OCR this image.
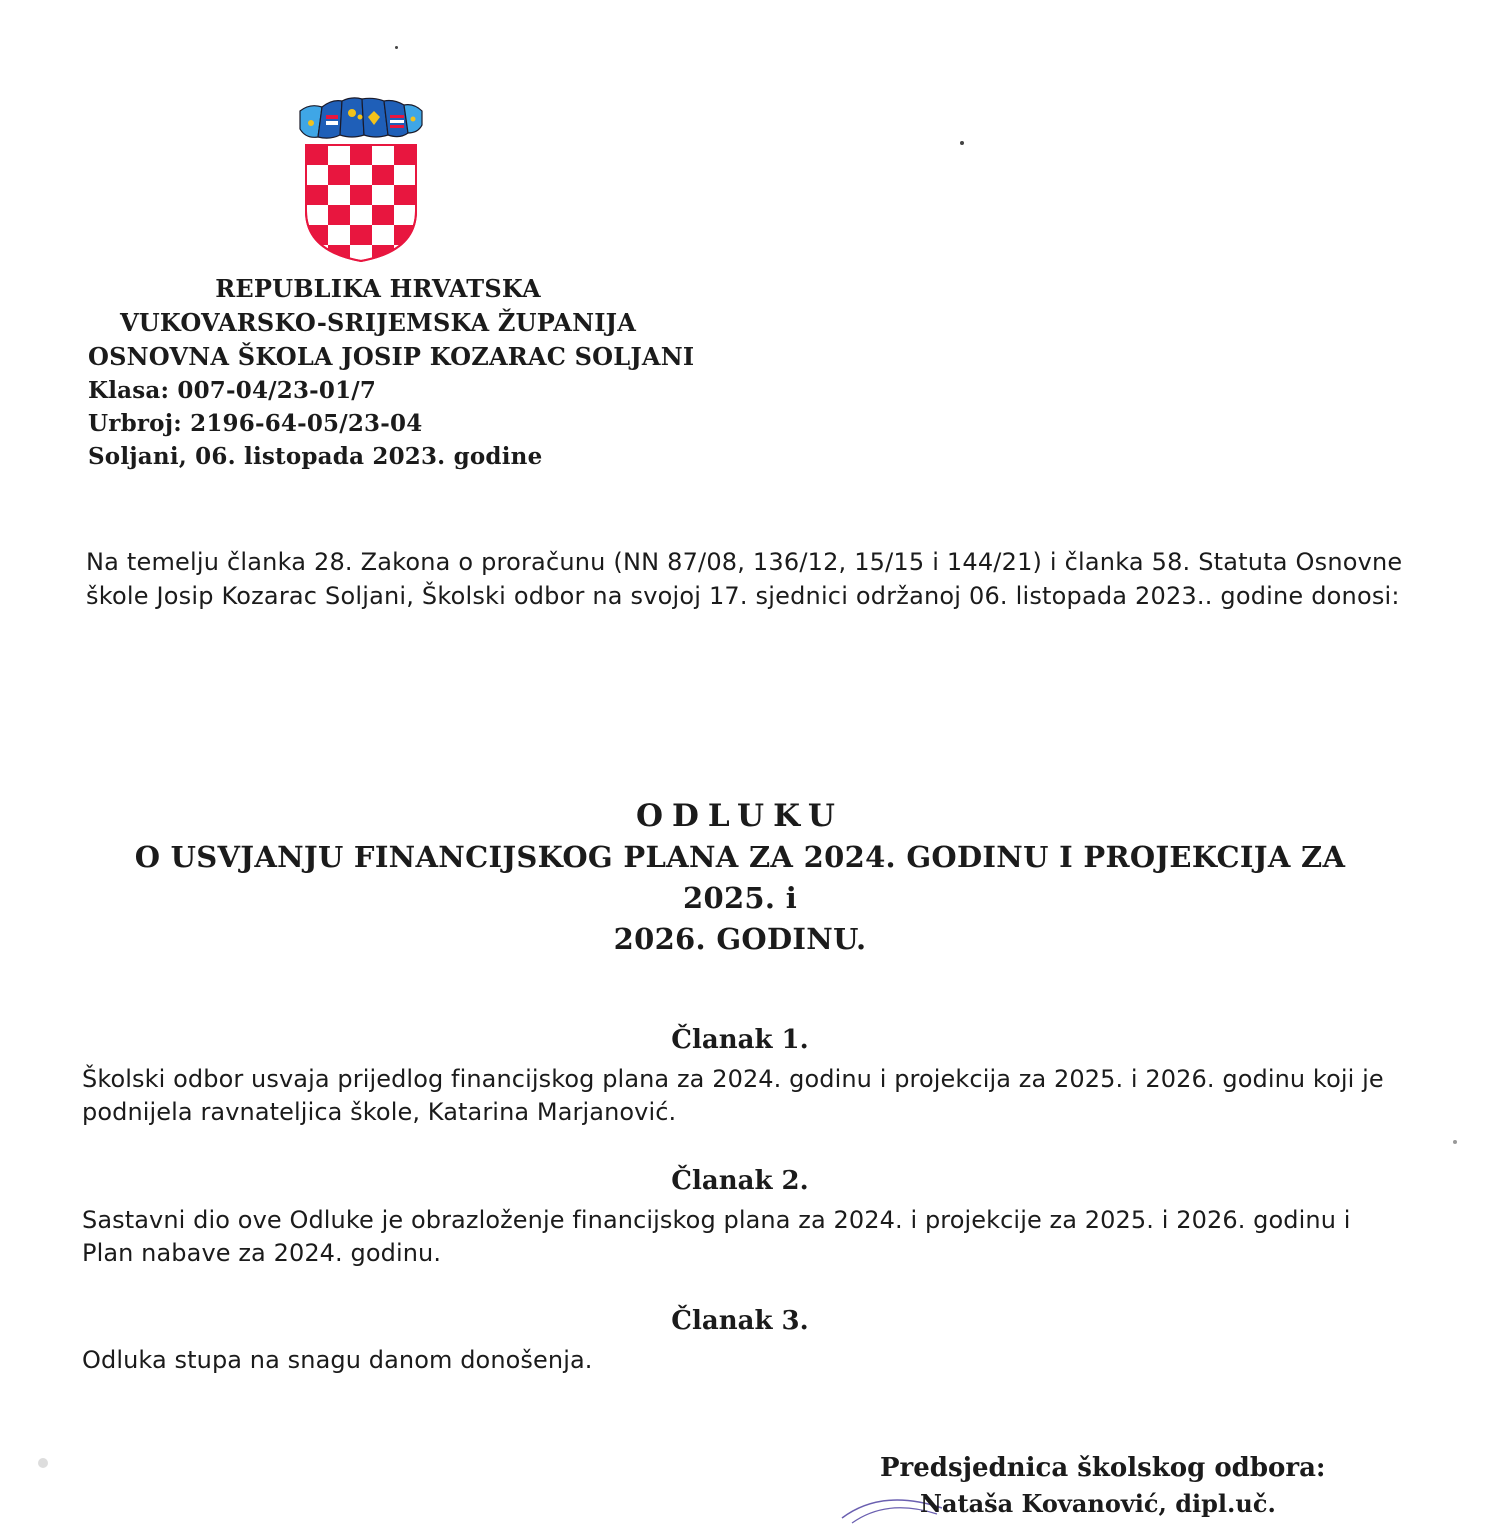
REPUBLIKA HRVATSKA
VUKOVARSKO-SRIJEMSKA ŽUPANIJA
OSNOVNA ŠKOLA JOSIP KOZARAC SOLJANI
Klasa: 007-04/23-01/7
Urbroj: 2196-64-05/23-04
Soljani, 06. listopada 2023. godine
Na temelju članka 28. Zakona o proračunu (NN 87/08, 136/12, 15/15 i 144/21) i članka 58. Statuta Osnovne škole Josip Kozarac Soljani, Školski odbor na svojoj 17. sjednici održanoj 06. listopada 2023.. godine donosi:
ODLUKU
O USVJANJU FINANCIJSKOG PLANA ZA 2024. GODINU I PROJEKCIJA ZA 2025. i
2026. GODINU.
Članak 1.
Školski odbor usvaja prijedlog financijskog plana za 2024. godinu i projekcija za 2025. i 2026. godinu koji je podnijela ravnateljica škole, Katarina Marjanović.
Članak 2.
Sastavni dio ove Odluke je obrazloženje financijskog plana za 2024. i projekcije za 2025. i 2026. godinu i Plan nabave za 2024. godinu.
Članak 3.
Odluka stupa na snagu danom donošenja.
Predsjednica školskog odbora:
Nataša Kovanović, dipl.uč.
